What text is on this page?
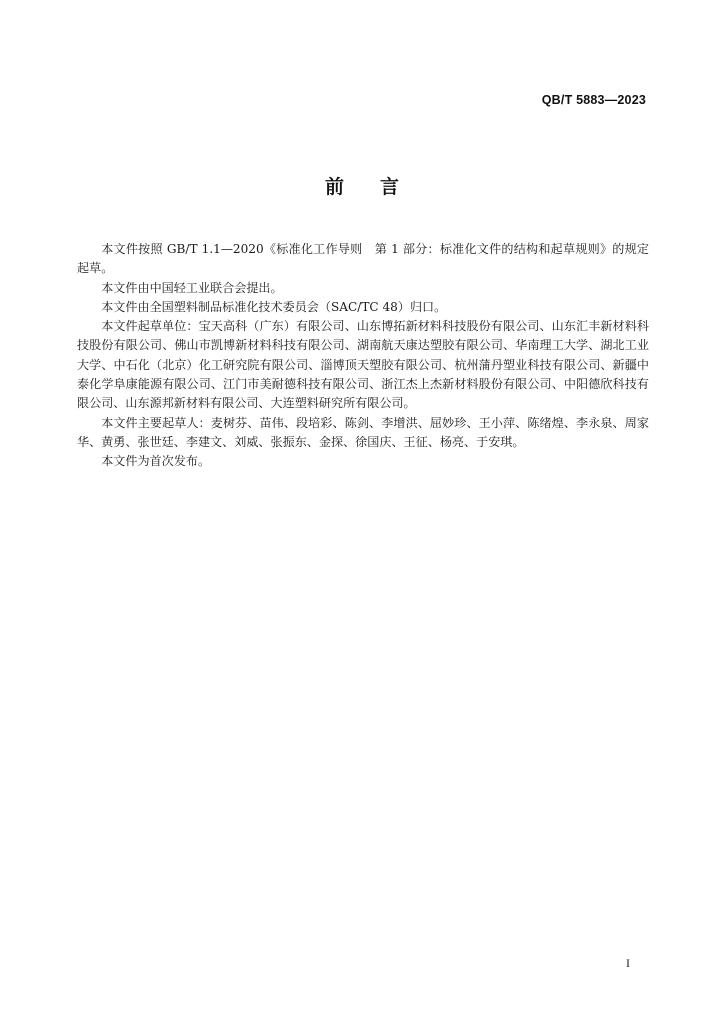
QB/T 5883—2023
前言

本文件按照 GB/T 1.1—2020《标准化工作导则　第 1 部分：标准化文件的结构和起草规则》的规定起草。

本文件由中国轻工业联合会提出。

本文件由全国塑料制品标准化技术委员会（SAC/TC 48）归口。

本文件起草单位：宝天高科（广东）有限公司、山东博拓新材料科技股份有限公司、山东汇丰新材料科技股份有限公司、佛山市凯博新材料科技有限公司、湖南航天康达塑胶有限公司、华南理工大学、湖北工业大学、中石化（北京）化工研究院有限公司、淄博顶天塑胶有限公司、杭州蒲丹塑业科技有限公司、新疆中泰化学阜康能源有限公司、江门市美耐德科技有限公司、浙江杰上杰新材料股份有限公司、中阳德欣科技有限公司、山东源邦新材料有限公司、大连塑料研究所有限公司。

本文件主要起草人：麦树芬、苗伟、段培彩、陈剑、李增洪、屈妙珍、王小萍、陈绪煌、李永泉、周家华、黄勇、张世廷、李建文、刘威、张振东、金探、徐国庆、王征、杨亮、于安琪。

本文件为首次发布。

I
